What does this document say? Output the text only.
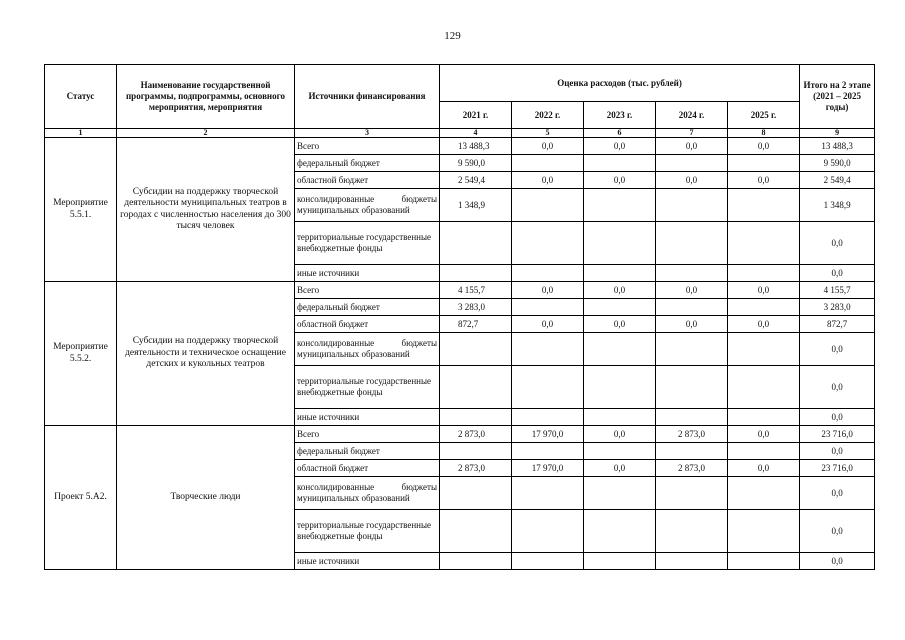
129
Статус	Наименование государственной программы, подпрограммы, основного мероприятия, мероприятия	Источники финансирования	Оценка расходов (тыс. рублей)					Итого на 2 этапе (2021 – 2025 годы)
			2021 г.	2022 г.	2023 г.	2024 г.	2025 г.	
1	2	3	4	5	6	7	8	9
Мероприятие 5.5.1.	Субсидии на поддержку творческой деятельности муниципальных театров в городах с численностью населения до 300 тысяч человек	Всего	13 488,3	0,0	0,0	0,0	0,0	13 488,3
		федеральный бюджет	9 590,0					9 590,0
		областной бюджет	2 549,4	0,0	0,0	0,0	0,0	2 549,4
		консолидированные бюджеты муниципальных образований	1 348,9					1 348,9
		территориальные государственные внебюджетные фонды						0,0
		иные источники						0,0
Мероприятие 5.5.2.	Субсидии на поддержку творческой деятельности и техническое оснащение детских и кукольных театров	Всего	4 155,7	0,0	0,0	0,0	0,0	4 155,7
		федеральный бюджет	3 283,0					3 283,0
		областной бюджет	872,7	0,0	0,0	0,0	0,0	872,7
		консолидированные бюджеты муниципальных образований						0,0
		территориальные государственные внебюджетные фонды						0,0
		иные источники						0,0
Проект 5.А2.	Творческие люди	Всего	2 873,0	17 970,0	0,0	2 873,0	0,0	23 716,0
		федеральный бюджет						0,0
		областной бюджет	2 873,0	17 970,0	0,0	2 873,0	0,0	23 716,0
		консолидированные бюджеты муниципальных образований						0,0
		территориальные государственные внебюджетные фонды						0,0
		иные источники						0,0
